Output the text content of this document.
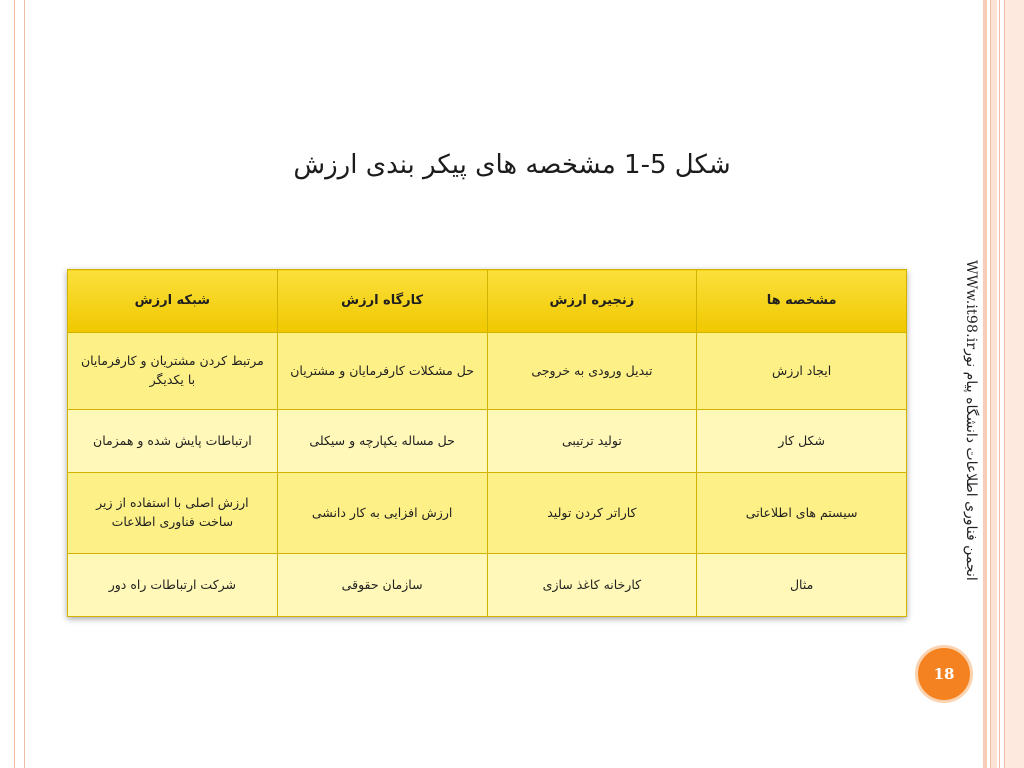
شکل 5-1 مشخصه های پیکر بندی ارزش
مشخصه ها	زنجیره ارزش	کارگاه ارزش	شبکه ارزش
ایجاد ارزش	تبدیل ورودی به خروجی	حل مشکلات کارفرمایان و مشتریان	مرتبط کردن مشتریان و کارفرمایان با یکدیگر
شکل کار	تولید ترتیبی	حل مساله یکپارچه و سیکلی	ارتباطات پایش شده و همزمان
سیستم های اطلاعاتی	کاراتر کردن تولید	ارزش افزایی به کار دانشی	ارزش اصلی با استفاده از زیر ساخت فناوری اطلاعات
مثال	کارخانه کاغذ سازی	سازمان حقوقی	شرکت ارتباطات راه دور
WWw.it98.irانجمن فناوری اطلاعات دانشگاه پیام نور
18
